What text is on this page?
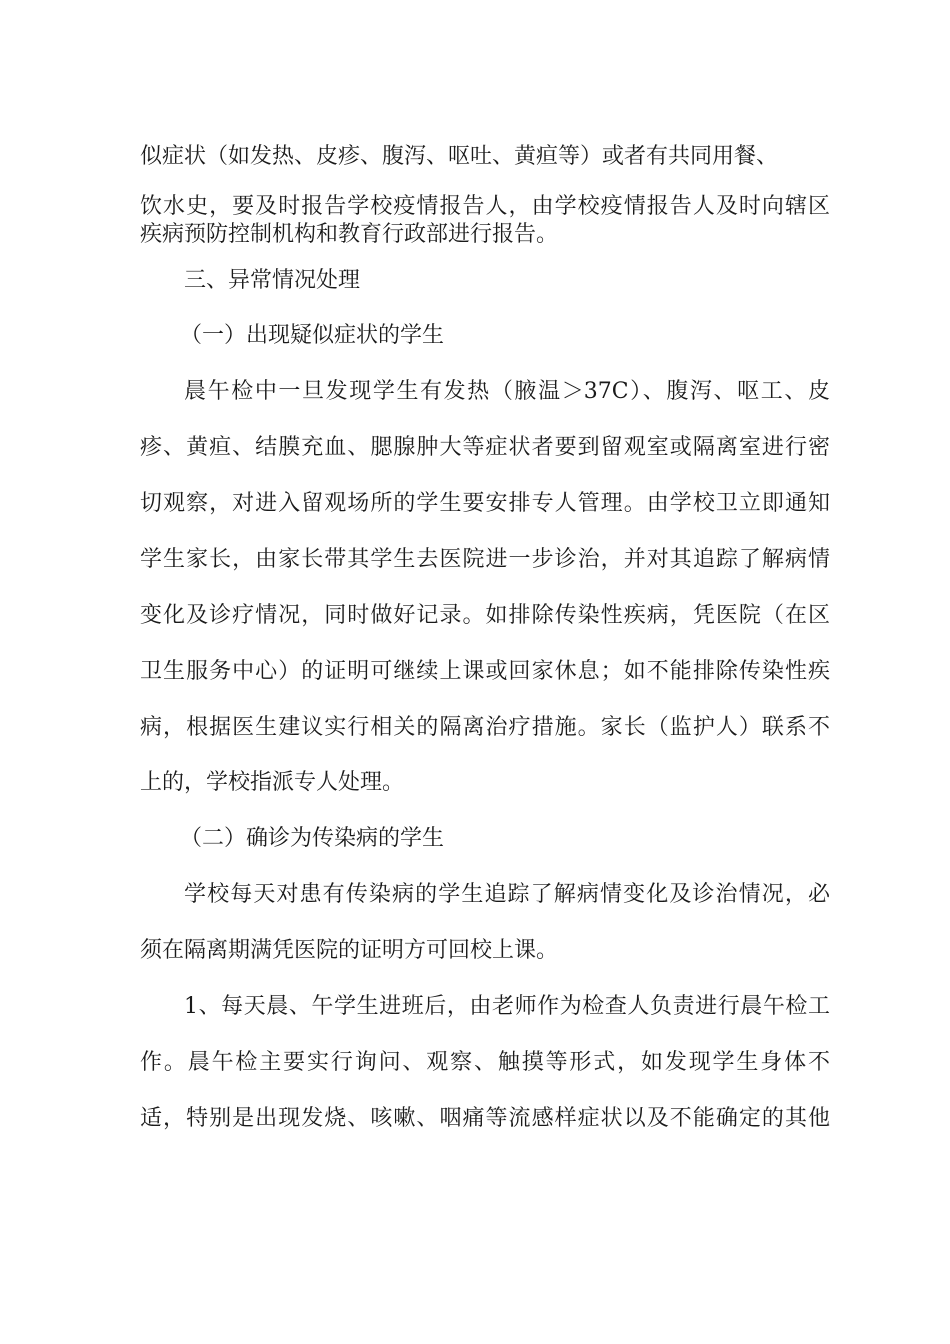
似症状（如发热、皮疹、腹泻、呕吐、黄疸等）或者有共同用餐、
饮水史，要及时报告学校疫情报告人，由学校疫情报告人及时向辖区
疾病预防控制机构和教育行政部进行报告。
三、异常情况处理
（一）出现疑似症状的学生
晨午检中一旦发现学生有发热（腋温＞37C）、腹泻、呕工、皮
疹、黄疸、结膜充血、腮腺肿大等症状者要到留观室或隔离室进行密
切观察，对进入留观场所的学生要安排专人管理。由学校卫立即通知
学生家长，由家长带其学生去医院进一步诊治，并对其追踪了解病情
变化及诊疗情况，同时做好记录。如排除传染性疾病，凭医院（在区
卫生服务中心）的证明可继续上课或回家休息；如不能排除传染性疾
病，根据医生建议实行相关的隔离治疗措施。家长（监护人）联系不
上的，学校指派专人处理。
（二）确诊为传染病的学生
学校每天对患有传染病的学生追踪了解病情变化及诊治情况，必
须在隔离期满凭医院的证明方可回校上课。
1、每天晨、午学生进班后，由老师作为检查人负责进行晨午检工
作。晨午检主要实行询问、观察、触摸等形式，如发现学生身体不
适，特别是出现发烧、咳嗽、咽痛等流感样症状以及不能确定的其他
